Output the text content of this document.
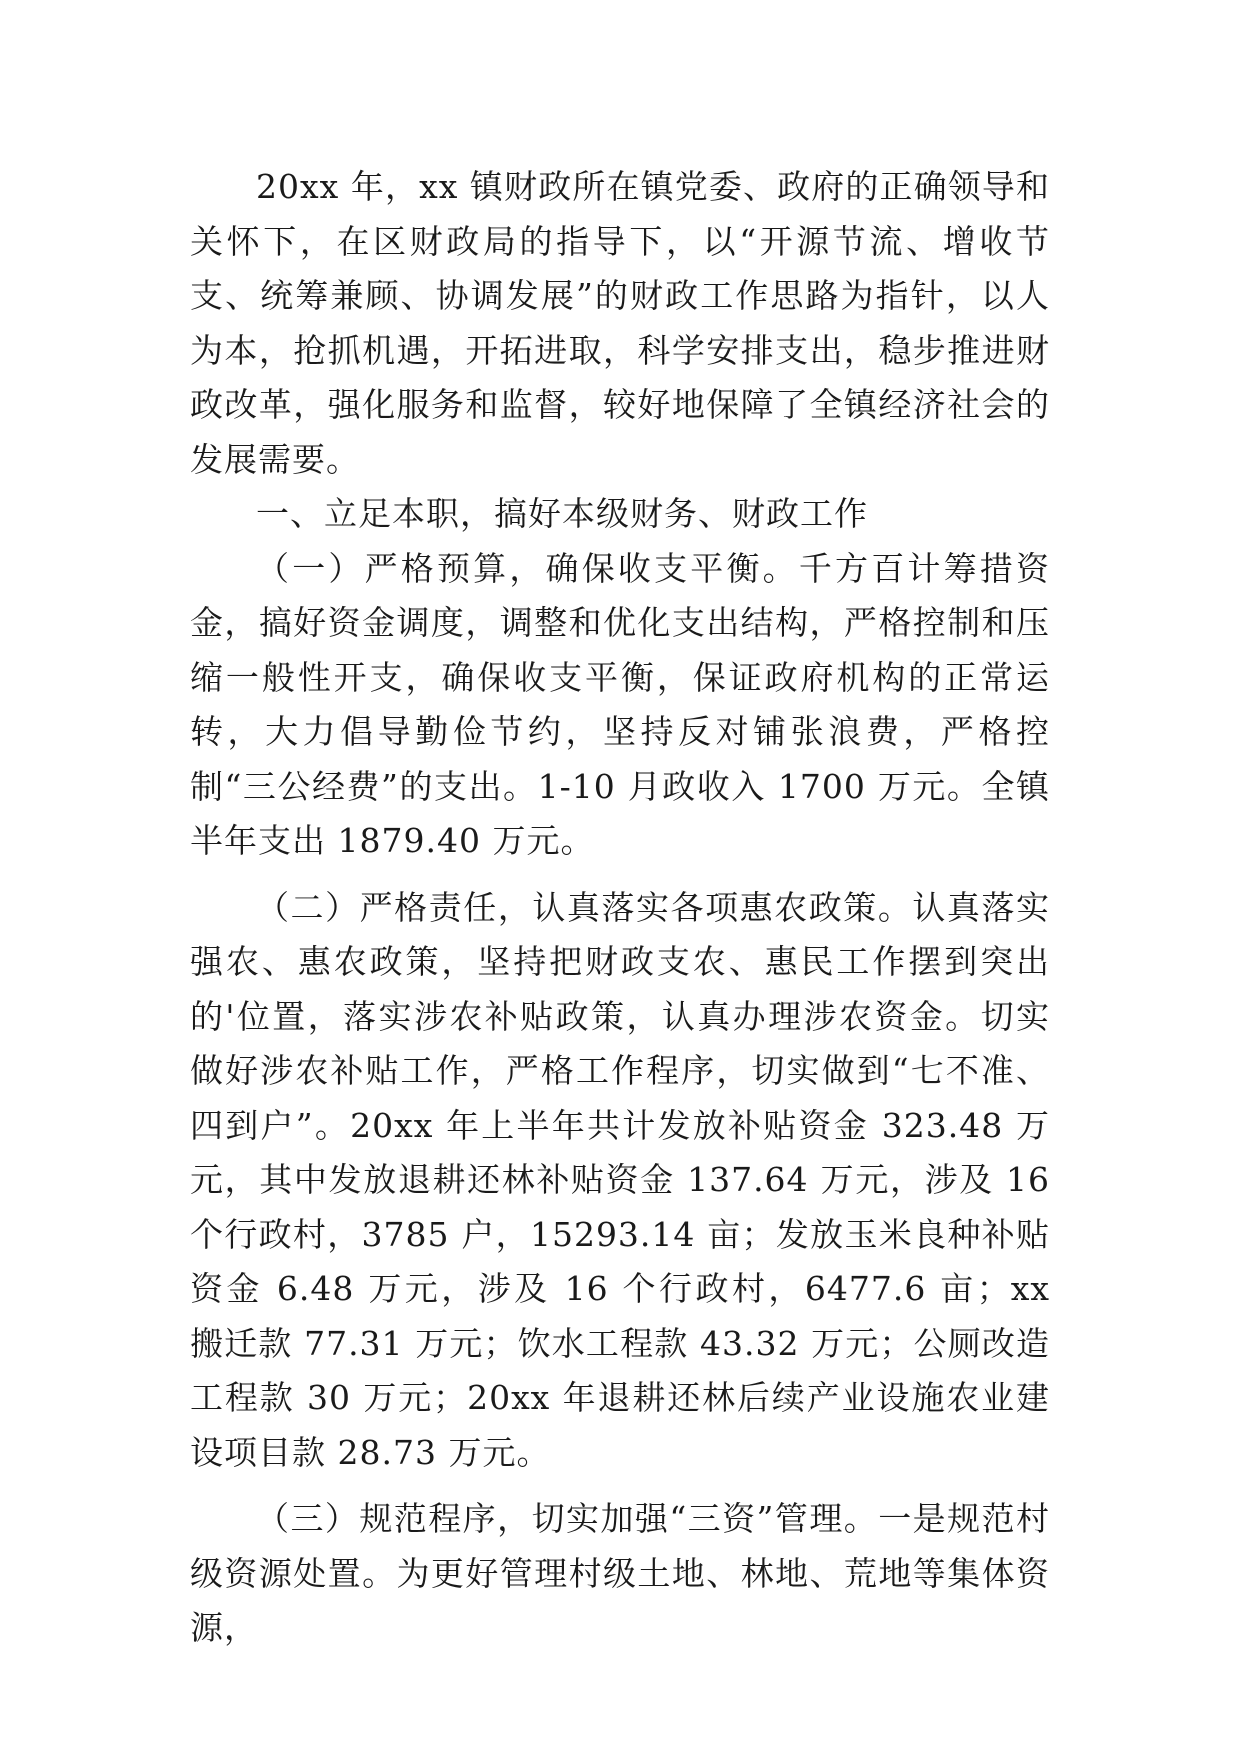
20xx 年，xx 镇财政所在镇党委、政府的正确领导和关怀下，在区财政局的指导下，以“开源节流、增收节支、统筹兼顾、协调发展”的财政工作思路为指针，以人为本，抢抓机遇，开拓进取，科学安排支出，稳步推进财政改革，强化服务和监督，较好地保障了全镇经济社会的发展需要。

一、立足本职，搞好本级财务、财政工作

（一）严格预算，确保收支平衡。千方百计筹措资金，搞好资金调度，调整和优化支出结构，严格控制和压缩一般性开支，确保收支平衡，保证政府机构的正常运转，大力倡导勤俭节约，坚持反对铺张浪费，严格控制“三公经费”的支出。1-10 月政收入 1700 万元。全镇半年支出 1879.40 万元。

（二）严格责任，认真落实各项惠农政策。认真落实强农、惠农政策，坚持把财政支农、惠民工作摆到突出的'位置，落实涉农补贴政策，认真办理涉农资金。切实做好涉农补贴工作，严格工作程序，切实做到“七不准、四到户”。20xx 年上半年共计发放补贴资金 323.48 万元，其中发放退耕还林补贴资金 137.64 万元，涉及 16 个行政村，3785 户，15293.14 亩；发放玉米良种补贴资金 6.48 万元，涉及 16 个行政村，6477.6 亩；xx 搬迁款 77.31 万元；饮水工程款 43.32 万元；公厕改造工程款 30 万元；20xx 年退耕还林后续产业设施农业建设项目款 28.73 万元。

（三）规范程序，切实加强“三资”管理。一是规范村级资源处置。为更好管理村级土地、林地、荒地等集体资源，
